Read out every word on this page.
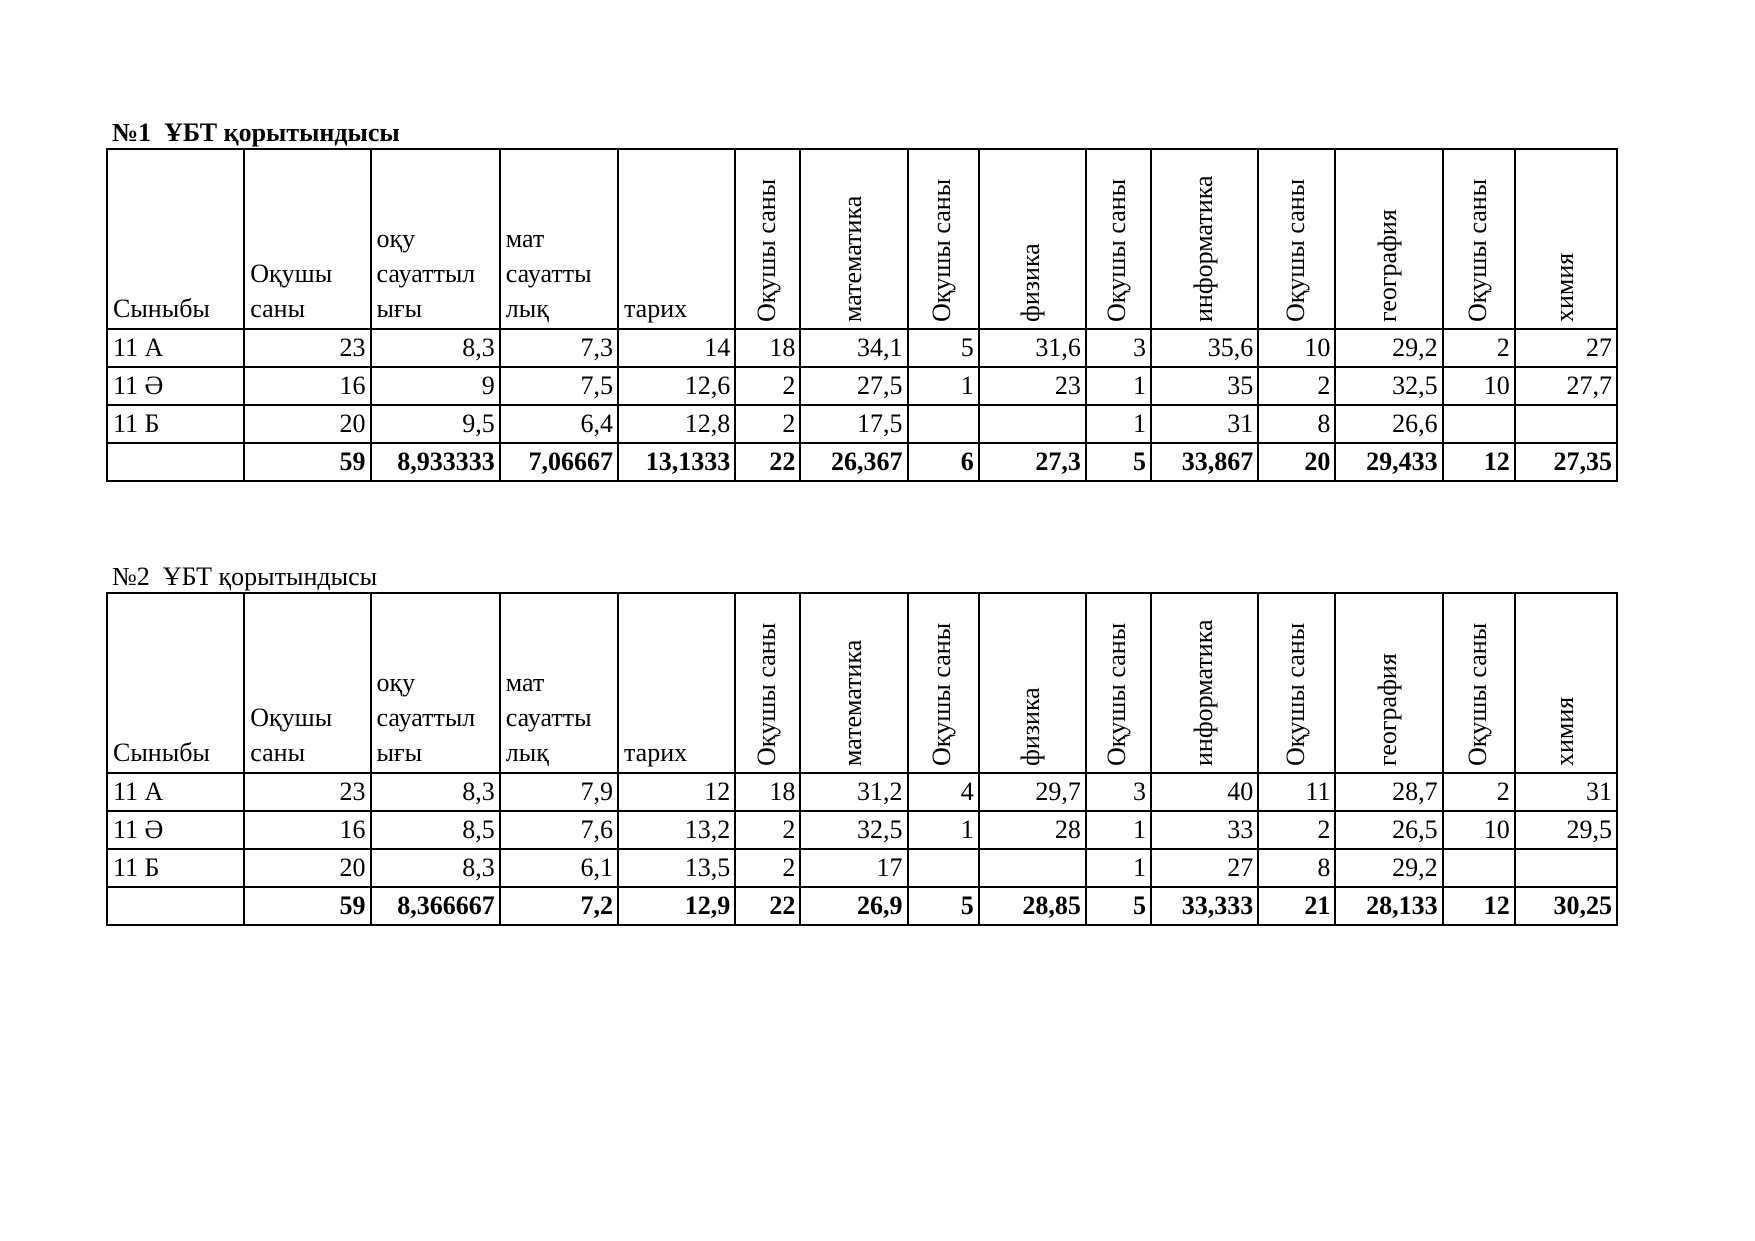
№1  ҰБТ қорытындысы
Сыныбы	Оқушы
саны	оқу
сауаттыл
ығы	мат
сауатты
лық	тарих	Оқушы саны	математика	Оқушы саны	физика	Оқушы саны	информатика	Оқушы саны	география	Оқушы саны	химия

11 А	23	8,3	7,3	14	18	34,1	5	31,6	3	35,6	10	29,2	2	27
11 Ә	16	9	7,5	12,6	2	27,5	1	23	1	35	2	32,5	10	27,7
11 Б	20	9,5	6,4	12,8	2	17,5			1	31	8	26,6		
	59	8,933333	7,06667	13,1333	22	26,367	6	27,3	5	33,867	20	29,433	12	27,35
№2  ҰБТ қорытындысы
Сыныбы	Оқушы
саны	оқу
сауаттыл
ығы	мат
сауатты
лық	тарих	Оқушы саны	математика	Оқушы саны	физика	Оқушы саны	информатика	Оқушы саны	география	Оқушы саны	химия

11 А	23	8,3	7,9	12	18	31,2	4	29,7	3	40	11	28,7	2	31
11 Ә	16	8,5	7,6	13,2	2	32,5	1	28	1	33	2	26,5	10	29,5
11 Б	20	8,3	6,1	13,5	2	17			1	27	8	29,2		
	59	8,366667	7,2	12,9	22	26,9	5	28,85	5	33,333	21	28,133	12	30,25
